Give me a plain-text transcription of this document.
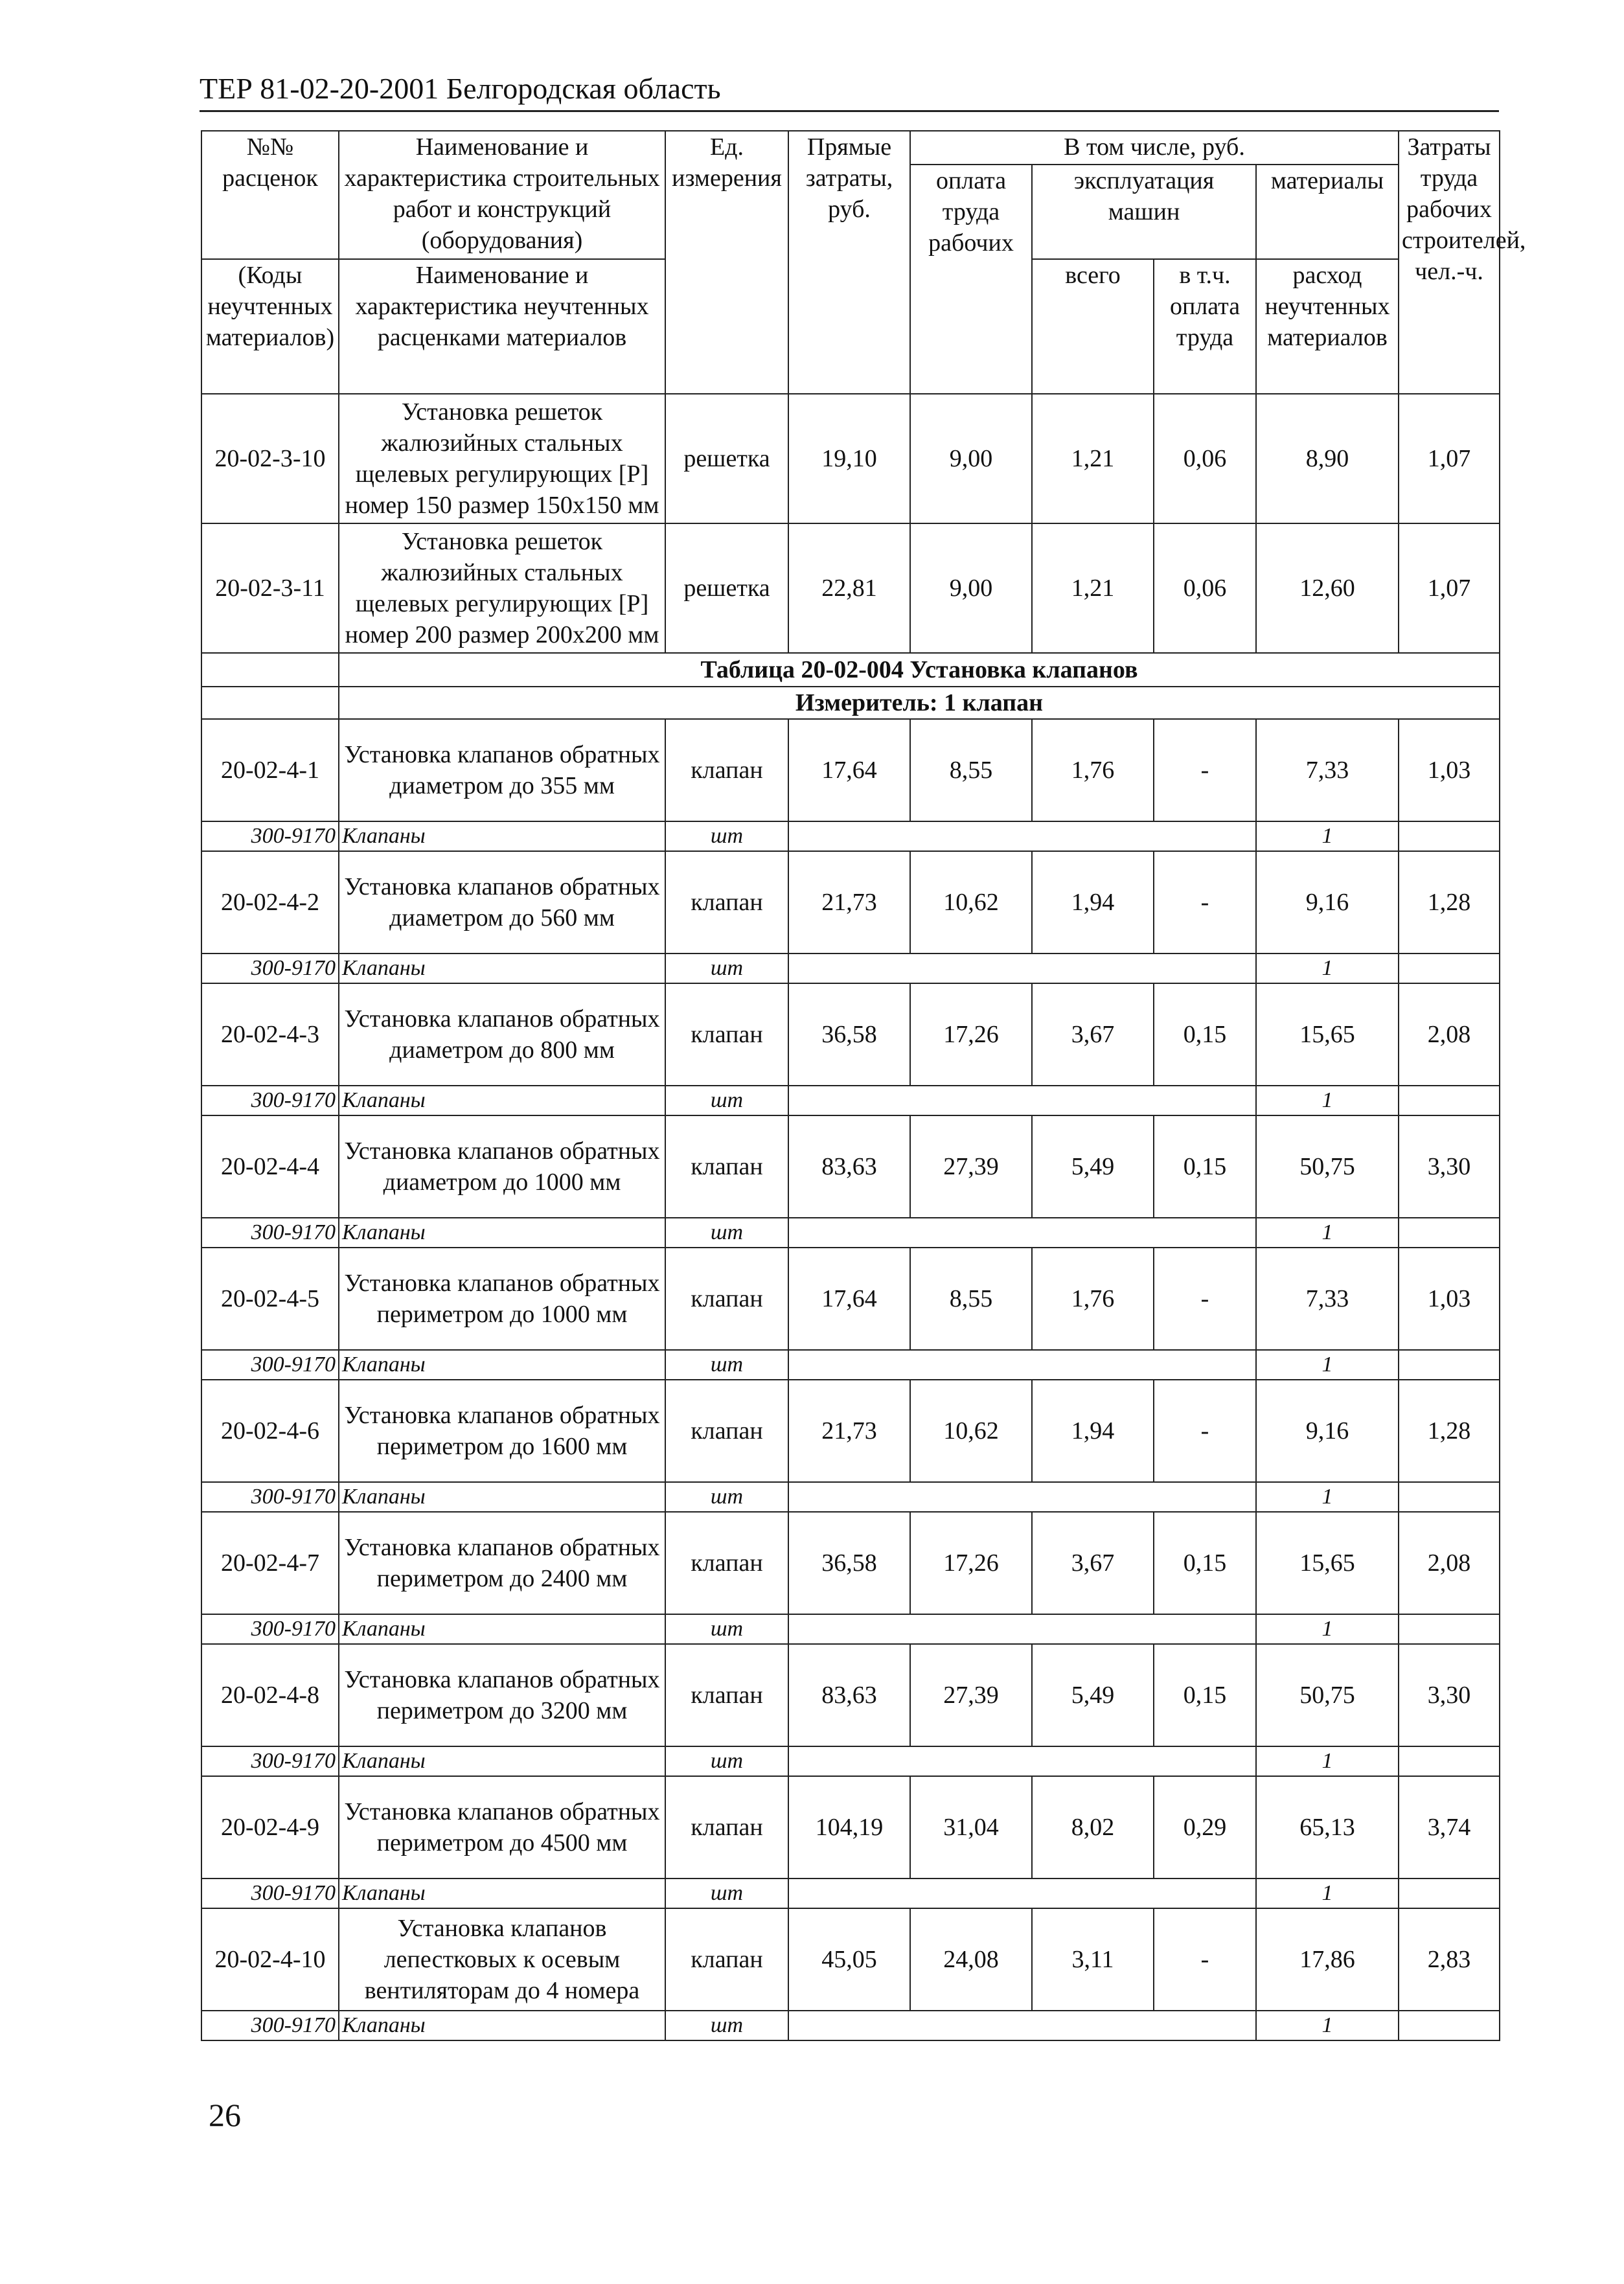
ТЕР 81-02-20-2001 Белгородская область
№№ расценок	Наименование и характеристика строительных работ и конструкций (оборудования)	Ед. измерения	Прямые затраты, руб.	В том числе, руб.				Затраты труда рабочих строителей, чел.-ч.
				оплата труда рабочих	эксплуатация машин		материалы	

(Коды неучтенных материалов)	Наименование и характеристика неучтенных расценками материалов				всего	в т.ч. оплата труда	расход неучтенных материалов	

20-02-3-10	Установка решеток жалюзийных стальных щелевых регулирующих [Р] номер 150 размер 150х150 мм	решетка	19,10	9,00	1,21	0,06	8,90	1,07
20-02-3-11	Установка решеток жалюзийных стальных щелевых регулирующих [Р] номер 200 размер 200х200 мм	решетка	22,81	9,00	1,21	0,06	12,60	1,07
	Таблица 20-02-004 Установка клапанов							
	Измеритель: 1 клапан							
20-02-4-1	Установка клапанов обратных диаметром до 355 мм	клапан	17,64	8,55	1,76	-	7,33	1,03
300-9170	Клапаны	шт					1	
20-02-4-2	Установка клапанов обратных диаметром до 560 мм	клапан	21,73	10,62	1,94	-	9,16	1,28
300-9170	Клапаны	шт					1	
20-02-4-3	Установка клапанов обратных диаметром до 800 мм	клапан	36,58	17,26	3,67	0,15	15,65	2,08
300-9170	Клапаны	шт					1	
20-02-4-4	Установка клапанов обратных диаметром до 1000 мм	клапан	83,63	27,39	5,49	0,15	50,75	3,30
300-9170	Клапаны	шт					1	
20-02-4-5	Установка клапанов обратных периметром до 1000 мм	клапан	17,64	8,55	1,76	-	7,33	1,03
300-9170	Клапаны	шт					1	
20-02-4-6	Установка клапанов обратных периметром до 1600 мм	клапан	21,73	10,62	1,94	-	9,16	1,28
300-9170	Клапаны	шт					1	
20-02-4-7	Установка клапанов обратных периметром до 2400 мм	клапан	36,58	17,26	3,67	0,15	15,65	2,08
300-9170	Клапаны	шт					1	
20-02-4-8	Установка клапанов обратных периметром до 3200 мм	клапан	83,63	27,39	5,49	0,15	50,75	3,30
300-9170	Клапаны	шт					1	
20-02-4-9	Установка клапанов обратных периметром до 4500 мм	клапан	104,19	31,04	8,02	0,29	65,13	3,74
300-9170	Клапаны	шт					1	
20-02-4-10	Установка клапанов лепестковых к осевым вентиляторам до 4 номера	клапан	45,05	24,08	3,11	-	17,86	2,83
300-9170	Клапаны	шт					1	
26
